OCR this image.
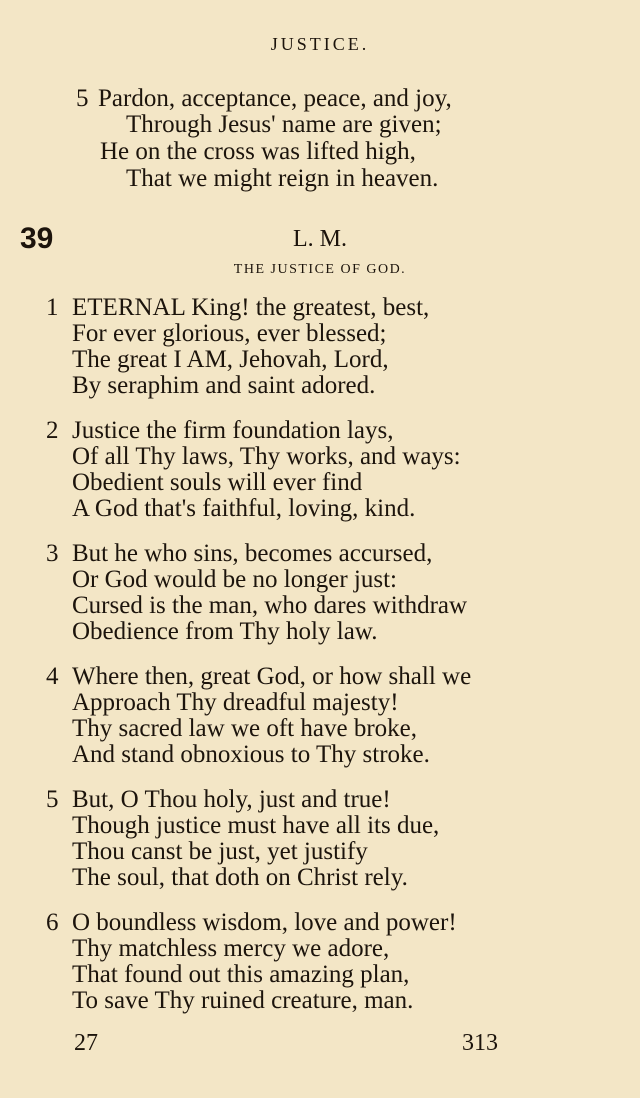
JUSTICE.
5 Pardon, acceptance, peace, and joy,
Through Jesus' name are given;
He on the cross was lifted high,
That we might reign in heaven.
39	L. M.
THE JUSTICE OF GOD.
1 ETERNAL King! the greatest, best,
For ever glorious, ever blessed;
The great I AM, Jehovah, Lord,
By seraphim and saint adored.
2 Justice the firm foundation lays,
Of all Thy laws, Thy works, and ways:
Obedient souls will ever find
A God that's faithful, loving, kind.
3 But he who sins, becomes accursed,
Or God would be no longer just:
Cursed is the man, who dares withdraw
Obedience from Thy holy law.
4 Where then, great God, or how shall we
Approach Thy dreadful majesty!
Thy sacred law we oft have broke,
And stand obnoxious to Thy stroke.
5 But, O Thou holy, just and true!
Though justice must have all its due,
Thou canst be just, yet justify
The soul, that doth on Christ rely.
6 O boundless wisdom, love and power!
Thy matchless mercy we adore,
That found out this amazing plan,
To save Thy ruined creature, man.
27	313
